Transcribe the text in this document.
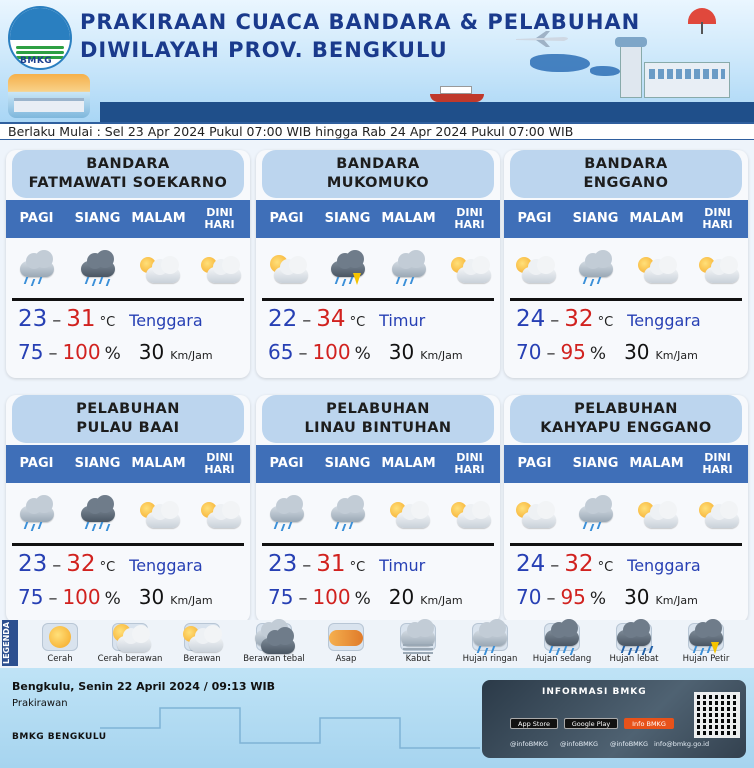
BMKG
PRAKIRAAN CUACA BANDARA & PELABUHAN
DIWILAYAH PROV. BENGKULU
Berlaku Mulai : Sel 23 Apr 2024 Pukul 07:00 WIB hingga Rab 24 Apr 2024 Pukul 07:00 WIB
BANDARA
FATMAWATI SOEKARNO
PAGI	SIANG MALAM	DINI
HARI
23 – 31 °C Tenggara
75 – 100 % 30 Km/Jam
BANDARA
MUKOMUKO
PAGI	SIANG MALAM	DINI
HARI
22 – 34 °C Timur
65 – 100 % 30 Km/Jam
BANDARA
ENGGANO
PAGI	SIANG MALAM	DINI
HARI
24 – 32 °C Tenggara
70 – 95 % 30 Km/Jam
PELABUHAN
PULAU BAAI
PAGI	SIANG MALAM	DINI
HARI
23 – 32 °C Tenggara
75 – 100 % 30 Km/Jam
PELABUHAN
LINAU BINTUHAN
PAGI	SIANG MALAM	DINI
HARI
23 – 31 °C Timur
75 – 100 % 20 Km/Jam
PELABUHAN
KAHYAPU ENGGANO
PAGI	SIANG MALAM	DINI
HARI
24 – 32 °C Tenggara
70 – 95 % 30 Km/Jam
LEGENDA	Cerah	Cerah berawan	Berawan	Berawan tebal	Asap	Kabut	Hujan ringan	Hujan sedang	Hujan lebat	Hujan Petir
Bengkulu, Senin 22 April 2024 / 09:13 WIB
Prakirawan
BMKG BENGKULU
INFORMASI BMKG
App Store	Google Play	Info BMKG
@infoBMKG @infoBMKG @infoBMKG info@bmkg.go.id
